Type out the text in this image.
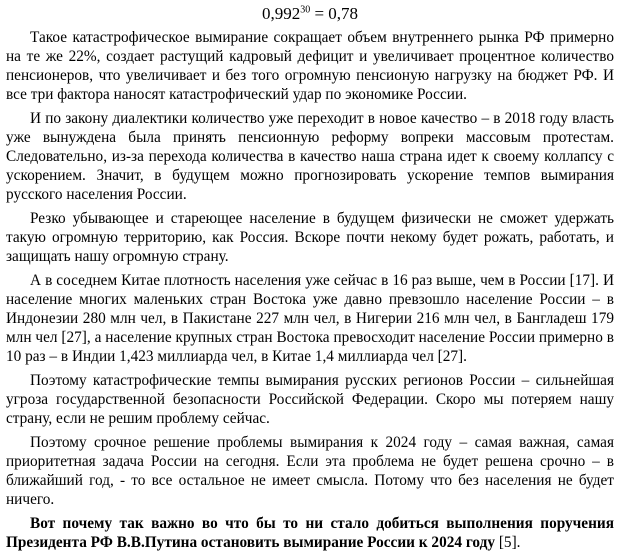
$0,992^{30} = 0,78$

Такое катастрофическое вымирание сокращает объем внутреннего рынка РФ примерно на те же 22%, создает растущий кадровый дефицит и увеличивает процентное количество пенсионеров, что увеличивает и без того огромную пенсионую нагрузку на бюджет РФ. И все три фактора наносят катастрофический удар по экономике России.

И по закону диалектики количество уже переходит в новое качество – в 2018 году власть уже вынуждена была принять пенсионную реформу вопреки массовым протестам. Следовательно, из-за перехода количества в качество наша страна идет к своему коллапсу с ускорением. Значит, в будущем можно прогнозировать ускорение темпов вымирания русского населения России.

Резко убывающее и стареющее население в будущем физически не сможет удержать такую огромную территорию, как Россия. Вскоре почти некому будет рожать, работать, и защищать нашу огромную страну.

А в соседнем Китае плотность населения уже сейчас в 16 раз выше, чем в России [17]. И население многих маленьких стран Востока уже давно превзошло население России – в Индонезии 280 млн чел, в Пакистане 227 млн чел, в Нигерии 216 млн чел, в Бангладеш 179 млн чел [27], а население крупных стран Востока превосходит население России примерно в 10 раз – в Индии 1,423 миллиарда чел, в Китае 1,4 миллиарда чел [27].

Поэтому катастрофические темпы вымирания русских регионов России – сильнейшая угроза государственной безопасности Российской Федерации. Скоро мы потеряем нашу страну, если не решим проблему сейчас.

Поэтому срочное решение проблемы вымирания к 2024 году – самая важная, самая приоритетная задача России на сегодня. Если эта проблема не будет решена срочно – в ближайший год, - то все остальное не имеет смысла. Потому что без населения не будет ничего.

Вот почему так важно во что бы то ни стало добиться выполнения поручения Президента РФ В.В.Путина остановить вымирание России к 2024 году [5].
